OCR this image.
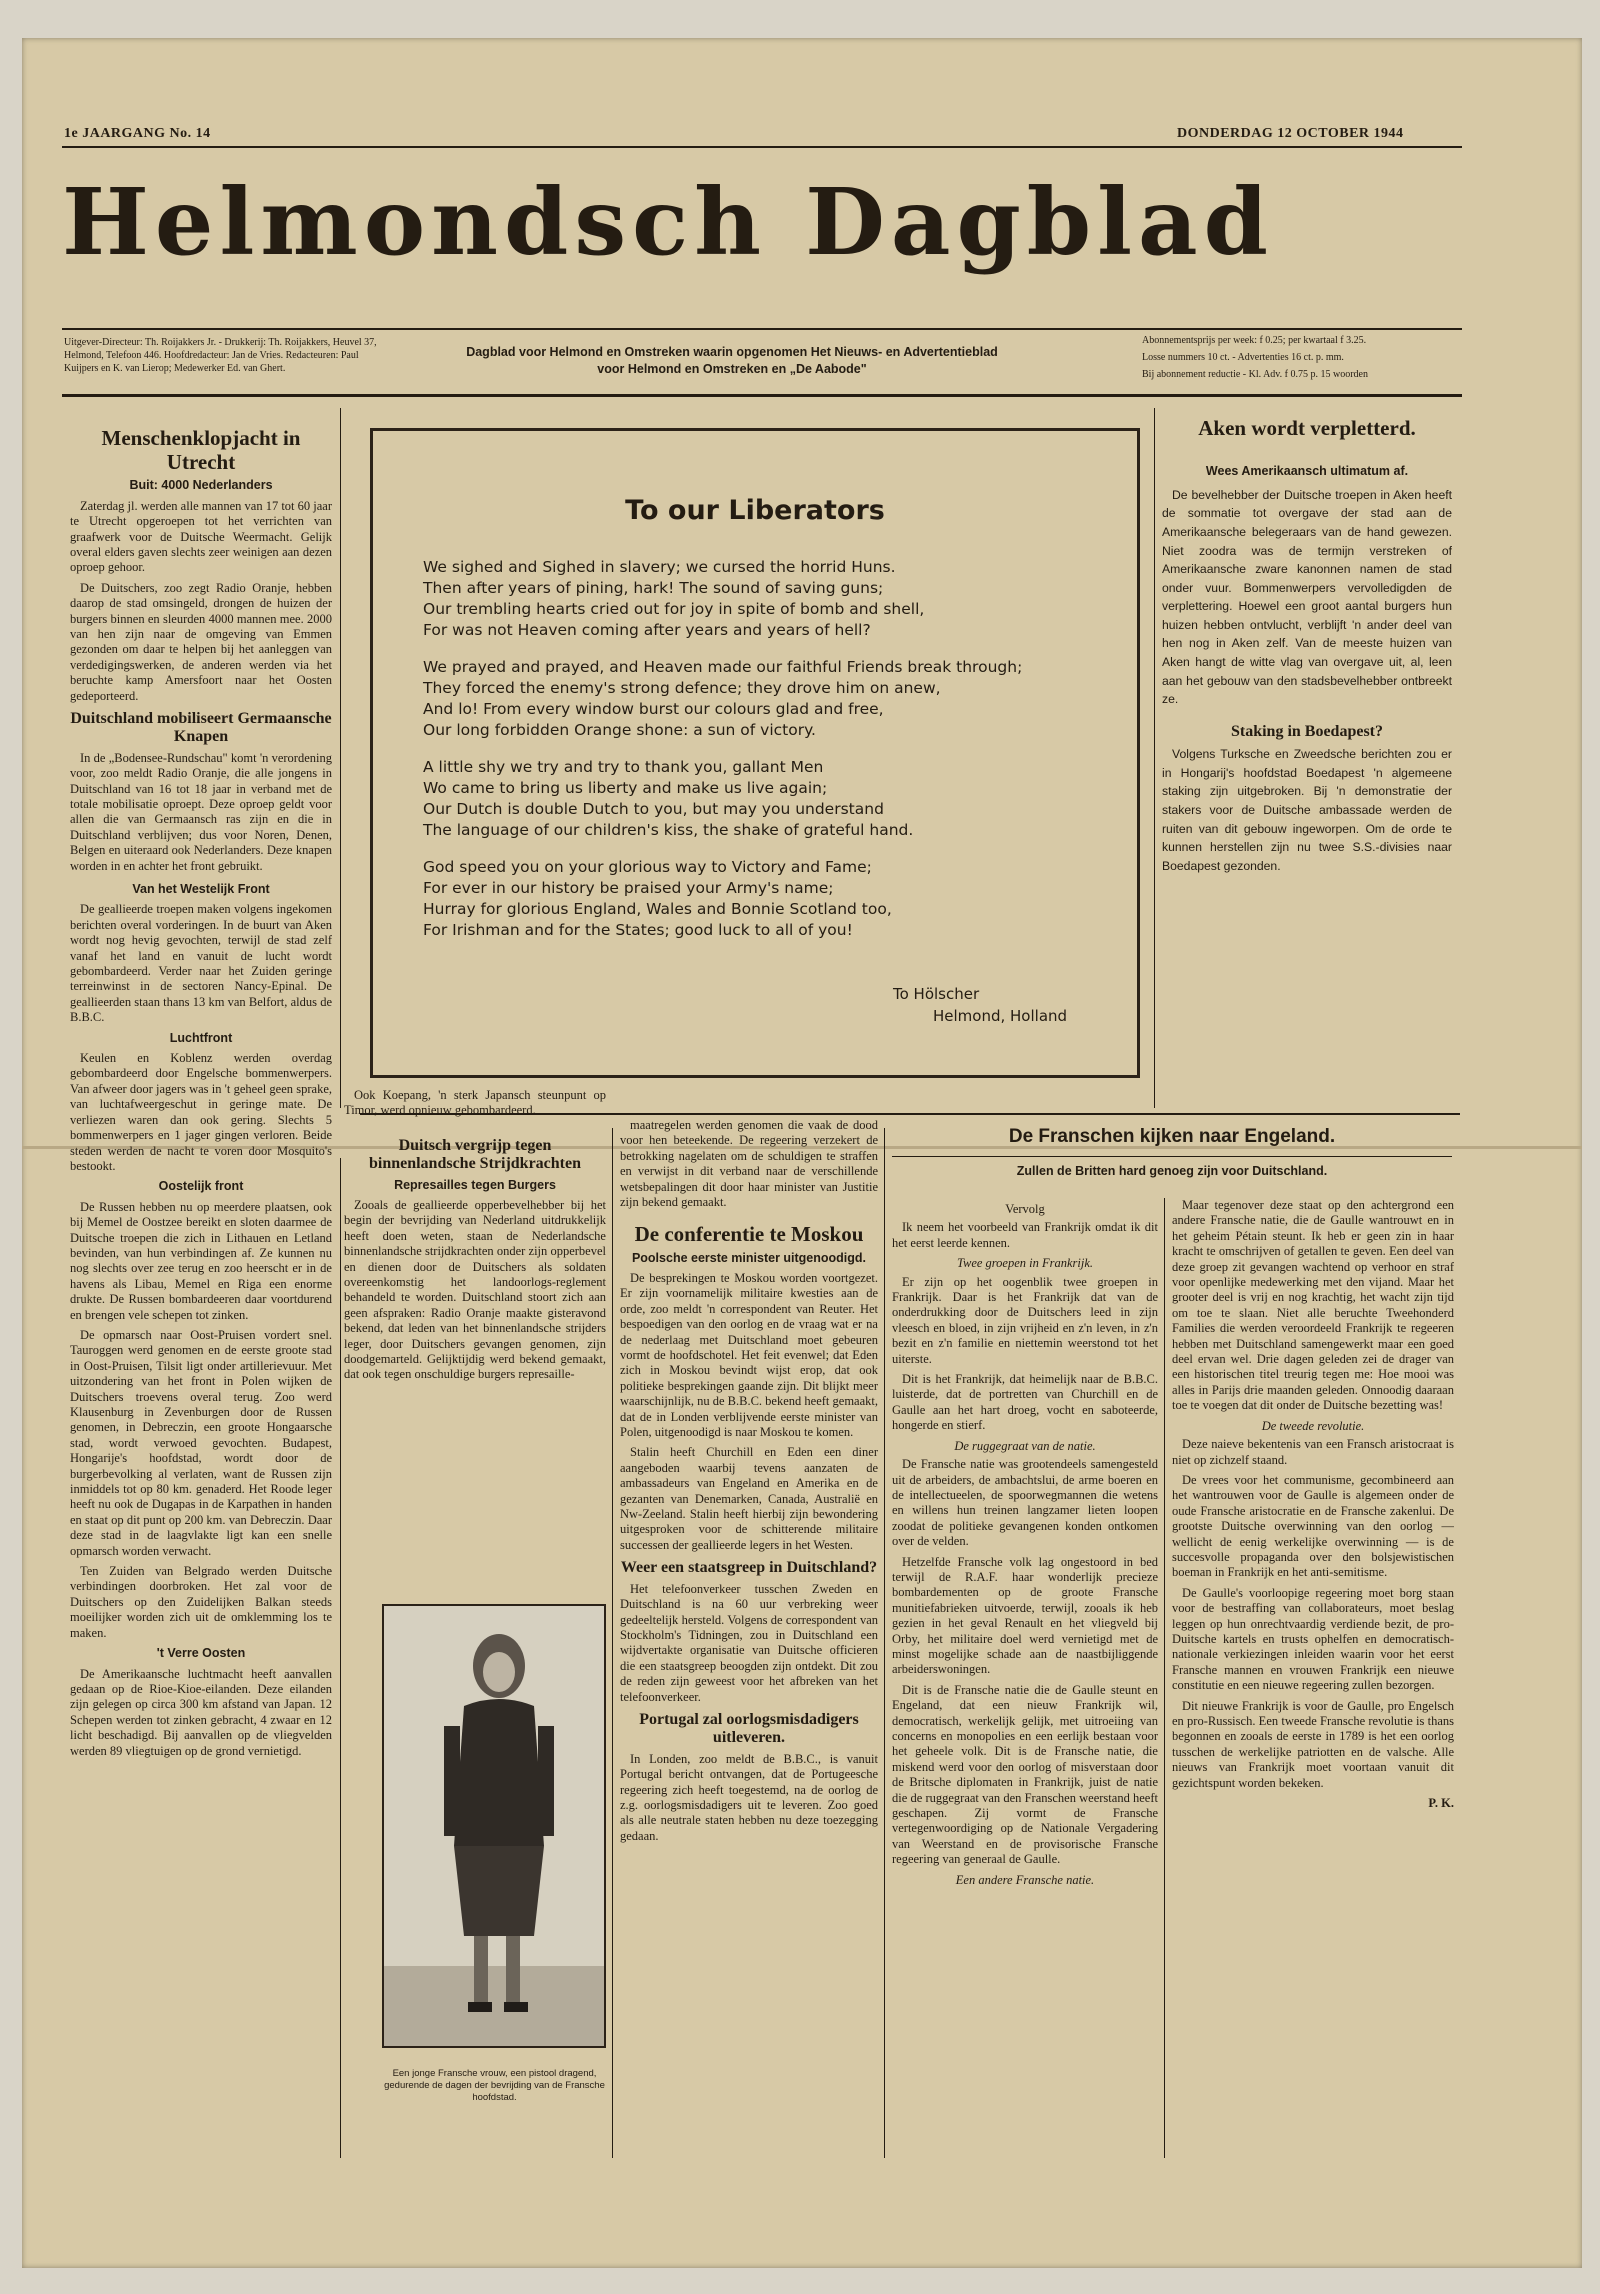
1e JAARGANG No. 14	DONDERDAG 12 OCTOBER 1944
Helmondsch Dagblad
Uitgever-Directeur: Th. Roijakkers Jr. - Drukkerij: Th. Roijakkers, Heuvel 37, Helmond, Telefoon 446. Hoofdredacteur: Jan de Vries. Redacteuren: Paul Kuijpers en K. van Lierop; Medewerker Ed. van Ghert.
Dagblad voor Helmond en Omstreken waarin opgenomen Het Nieuws- en Advertentieblad
voor Helmond en Omstreken en „De Aabode"
Abonnementsprijs per week: f 0.25; per kwartaal f 3.25.
Losse nummers 10 ct. - Advertenties 16 ct. p. mm.
Bij abonnement reductie - Kl. Adv. f 0.75 p. 15 woorden
Menschenklopjacht in Utrecht
Buit: 4000 Nederlanders

Zaterdag jl. werden alle mannen van 17 tot 60 jaar te Utrecht opgeroepen tot het verrichten van graafwerk voor de Duitsche Weermacht. Gelijk overal elders gaven slechts zeer weinigen aan dezen oproep gehoor.

De Duitschers, zoo zegt Radio Oranje, hebben daarop de stad omsingeld, drongen de huizen der burgers binnen en sleurden 4000 mannen mee. 2000 van hen zijn naar de omgeving van Emmen gezonden om daar te helpen bij het aanleggen van verdedigingswerken, de anderen werden via het beruchte kamp Amersfoort naar het Oosten gedeporteerd.

Duitschland mobiliseert Germaansche Knapen

In de „Bodensee-Rundschau" komt 'n verordening voor, zoo meldt Radio Oranje, die alle jongens in Duitschland van 16 tot 18 jaar in verband met de totale mobilisatie oproept. Deze oproep geldt voor allen die van Germaansch ras zijn en die in Duitschland verblijven; dus voor Noren, Denen, Belgen en uiteraard ook Nederlanders. Deze knapen worden in en achter het front gebruikt.

Van het Westelijk Front

De geallieerde troepen maken volgens ingekomen berichten overal vorderingen. In de buurt van Aken wordt nog hevig gevochten, terwijl de stad zelf vanaf het land en vanuit de lucht wordt gebombardeerd. Verder naar het Zuiden geringe terreinwinst in de sectoren Nancy-Epinal. De geallieerden staan thans 13 km van Belfort, aldus de B.B.C.

Luchtfront

Keulen en Koblenz werden overdag gebombardeerd door Engelsche bommenwerpers. Van afweer door jagers was in 't geheel geen sprake, van luchtafweergeschut in geringe mate. De verliezen waren dan ook gering. Slechts 5 bommenwerpers en 1 jager gingen verloren. Beide steden werden de nacht te voren door Mosquito's bestookt.

Oostelijk front

De Russen hebben nu op meerdere plaatsen, ook bij Memel de Oostzee bereikt en sloten daarmee de Duitsche troepen die zich in Lithauen en Letland bevinden, van hun verbindingen af. Ze kunnen nu nog slechts over zee terug en zoo heerscht er in de havens als Libau, Memel en Riga een enorme drukte. De Russen bombardeeren daar voortdurend en brengen vele schepen tot zinken.

De opmarsch naar Oost-Pruisen vordert snel. Tauroggen werd genomen en de eerste groote stad in Oost-Pruisen, Tilsit ligt onder artillerievuur. Met uitzondering van het front in Polen wijken de Duitschers troevens overal terug. Zoo werd Klausenburg in Zevenburgen door de Russen genomen, in Debreczin, een groote Hongaarsche stad, wordt verwoed gevochten. Budapest, Hongarije's hoofdstad, wordt door de burgerbevolking al verlaten, want de Russen zijn inmiddels tot op 80 km. genaderd. Het Roode leger heeft nu ook de Dugapas in de Karpathen in handen en staat op dit punt op 200 km. van Debreczin. Daar deze stad in de laagvlakte ligt kan een snelle opmarsch worden verwacht.

Ten Zuiden van Belgrado werden Duitsche verbindingen doorbroken. Het zal voor de Duitschers op den Zuidelijken Balkan steeds moeilijker worden zich uit de omklemming los te maken.

't Verre Oosten

De Amerikaansche luchtmacht heeft aanvallen gedaan op de Rioe-Kioe-eilanden. Deze eilanden zijn gelegen op circa 300 km afstand van Japan. 12 Schepen werden tot zinken gebracht, 4 zwaar en 12 licht beschadigd. Bij aanvallen op de vliegvelden werden 89 vliegtuigen op de grond vernietigd.

To our Liberators
We sighed and Sighed in slavery; we cursed the horrid Huns.
Then after years of pining, hark! The sound of saving guns;
Our trembling hearts cried out for joy in spite of bomb and shell,
For was not Heaven coming after years and years of hell?
We prayed and prayed, and Heaven made our faithful Friends break through;
They forced the enemy's strong defence; they drove him on anew,
And lo! From every window burst our colours glad and free,
Our long forbidden Orange shone: a sun of victory.
A little shy we try and try to thank you, gallant Men
Wo came to bring us liberty and make us live again;
Our Dutch is double Dutch to you, but may you understand
The language of our children's kiss, the shake of grateful hand.
God speed you on your glorious way to Victory and Fame;
For ever in our history be praised your Army's name;
Hurray for glorious England, Wales and Bonnie Scotland too,
For Irishman and for the States; good luck to all of you!
To Hölscher
Helmond, Holland
Aken wordt verpletterd.
Wees Amerikaansch ultimatum af.

De bevelhebber der Duitsche troepen in Aken heeft de sommatie tot overgave der stad aan de Amerikaansche belegeraars van de hand gewezen. Niet zoodra was de termijn verstreken of Amerikaansche zware kanonnen namen de stad onder vuur. Bommenwerpers vervolledigden de verplettering. Hoewel een groot aantal burgers hun huizen hebben ontvlucht, verblijft 'n ander deel van hen nog in Aken zelf. Van de meeste huizen van Aken hangt de witte vlag van overgave uit, al, leen aan het gebouw van den stadsbevelhebber ontbreekt ze.

Staking in Boedapest?

Volgens Turksche en Zweedsche berichten zou er in Hongarij's hoofdstad Boedapest 'n algemeene staking zijn uitgebroken. Bij 'n demonstratie der stakers voor de Duitsche ambassade werden de ruiten van dit gebouw ingeworpen. Om de orde te kunnen herstellen zijn nu twee S.S.-divisies naar Boedapest gezonden.

Ook Koepang, 'n sterk Japansch steunpunt op Timor, werd opnieuw gebombardeerd.

Duitsch vergrijp tegen binnenlandsche Strijdkrachten
Represailles tegen Burgers

Zooals de geallieerde opperbevelhebber bij het begin der bevrijding van Nederland uitdrukkelijk heeft doen weten, staan de Nederlandsche binnenlandsche strijdkrachten onder zijn opperbevel en dienen door de Duitschers als soldaten overeenkomstig het landoorlogs-reglement behandeld te worden. Duitschland stoort zich aan geen afspraken: Radio Oranje maakte gisteravond bekend, dat leden van het binnenlandsche strijders leger, door Duitschers gevangen genomen, zijn doodgemarteld. Gelijktijdig werd bekend gemaakt, dat ook tegen onschuldige burgers represaille-

Een jonge Fransche vrouw, een pistool dragend, gedurende de dagen der bevrijding van de Fransche hoofdstad.

maatregelen werden genomen die vaak de dood voor hen beteekende. De regeering verzekert de betrokking nagelaten om de schuldigen te straffen en verwijst in dit verband naar de verschillende wetsbepalingen dit door haar minister van Justitie zijn bekend gemaakt.

De conferentie te Moskou
Poolsche eerste minister uitgenoodigd.

De besprekingen te Moskou worden voortgezet. Er zijn voornamelijk militaire kwesties aan de orde, zoo meldt 'n correspondent van Reuter. Het bespoedigen van den oorlog en de vraag wat er na de nederlaag met Duitschland moet gebeuren vormt de hoofdschotel. Het feit evenwel; dat Eden zich in Moskou bevindt wijst erop, dat ook politieke besprekingen gaande zijn. Dit blijkt meer waarschijnlijk, nu de B.B.C. bekend heeft gemaakt, dat de in Londen verblijvende eerste minister van Polen, uitgenoodigd is naar Moskou te komen.

Stalin heeft Churchill en Eden een diner aangeboden waarbij tevens aanzaten de ambassadeurs van Engeland en Amerika en de gezanten van Denemarken, Canada, Australië en Nw-Zeeland. Stalin heeft hierbij zijn bewondering uitgesproken voor de schitterende militaire successen der geallieerde legers in het Westen.

Weer een staatsgreep in Duitschland?

Het telefoonverkeer tusschen Zweden en Duitschland is na 60 uur verbreking weer gedeeltelijk hersteld. Volgens de correspondent van Stockholm's Tidningen, zou in Duitschland een wijdvertakte organisatie van Duitsche officieren die een staatsgreep beoogden zijn ontdekt. Dit zou de reden zijn geweest voor het afbreken van het telefoonverkeer.

Portugal zal oorlogsmisdadigers uitleveren.

In Londen, zoo meldt de B.B.C., is vanuit Portugal bericht ontvangen, dat de Portugeesche regeering zich heeft toegestemd, na de oorlog de z.g. oorlogsmisdadigers uit te leveren. Zoo goed als alle neutrale staten hebben nu deze toezegging gedaan.

De Franschen kijken naar Engeland.
Zullen de Britten hard genoeg zijn voor Duitschland.
Vervolg

Ik neem het voorbeeld van Frankrijk omdat ik dit het eerst leerde kennen.

Twee groepen in Frankrijk.

Er zijn op het oogenblik twee groepen in Frankrijk. Daar is het Frankrijk dat van de onderdrukking door de Duitschers leed in zijn vleesch en bloed, in zijn vrijheid en z'n leven, in z'n bezit en z'n familie en niettemin weerstond tot het uiterste.

Dit is het Frankrijk, dat heimelijk naar de B.B.C. luisterde, dat de portretten van Churchill en de Gaulle aan het hart droeg, vocht en saboteerde, hongerde en stierf.

De ruggegraat van de natie.

De Fransche natie was grootendeels samengesteld uit de arbeiders, de ambachtslui, de arme boeren en de intellectueelen, de spoorwegmannen die wetens en willens hun treinen langzamer lieten loopen zoodat de politieke gevangenen konden ontkomen over de velden.

Hetzelfde Fransche volk lag ongestoord in bed terwijl de R.A.F. haar wonderlijk precieze bombardementen op de groote Fransche munitiefabrieken uitvoerde, terwijl, zooals ik heb gezien in het geval Renault en het vliegveld bij Orby, het militaire doel werd vernietigd met de minst mogelijke schade aan de naastbijliggende arbeiderswoningen.

Dit is de Fransche natie die de Gaulle steunt en Engeland, dat een nieuw Frankrijk wil, democratisch, werkelijk gelijk, met uitroeiing van concerns en monopolies en een eerlijk bestaan voor het geheele volk. Dit is de Fransche natie, die miskend werd voor den oorlog of misverstaan door de Britsche diplomaten in Frankrijk, juist de natie die de ruggegraat van den Franschen weerstand heeft geschapen. Zij vormt de Fransche vertegenwoordiging op de Nationale Vergadering van Weerstand en de provisorische Fransche regeering van generaal de Gaulle.

Een andere Fransche natie.

Maar tegenover deze staat op den achtergrond een andere Fransche natie, die de Gaulle wantrouwt en in het geheim Pétain steunt. Ik heb er geen zin in haar kracht te omschrijven of getallen te geven. Een deel van deze groep zit gevangen wachtend op verhoor en straf voor openlijke medewerking met den vijand. Maar het grooter deel is vrij en nog krachtig, het wacht zijn tijd om toe te slaan. Niet alle beruchte Tweehonderd Families die werden veroordeeld Frankrijk te regeeren hebben met Duitschland samengewerkt maar een goed deel ervan wel. Drie dagen geleden zei de drager van een historischen titel treurig tegen me: Hoe mooi was alles in Parijs drie maanden geleden. Onnoodig daaraan toe te voegen dat dit onder de Duitsche bezetting was!

De tweede revolutie.

Deze naieve bekentenis van een Fransch aristocraat is niet op zichzelf staand.

De vrees voor het communisme, gecombineerd aan het wantrouwen voor de Gaulle is algemeen onder de oude Fransche aristocratie en de Fransche zakenlui. De grootste Duitsche overwinning van den oorlog — wellicht de eenig werkelijke overwinning — is de succesvolle propaganda over den bolsjewistischen boeman in Frankrijk en het anti-semitisme.

De Gaulle's voorloopige regeering moet borg staan voor de bestraffing van collaborateurs, moet beslag leggen op hun onrechtvaardig verdiende bezit, de pro-Duitsche kartels en trusts ophelfen en democratisch-nationale verkiezingen inleiden waarin voor het eerst Fransche mannen en vrouwen Frankrijk een nieuwe constitutie en een nieuwe regeering zullen bezorgen.

Dit nieuwe Frankrijk is voor de Gaulle, pro Engelsch en pro-Russisch. Een tweede Fransche revolutie is thans begonnen en zooals de eerste in 1789 is het een oorlog tusschen de werkelijke patriotten en de valsche. Alle nieuws van Frankrijk moet voortaan vanuit dit gezichtspunt worden bekeken.

P. K.
